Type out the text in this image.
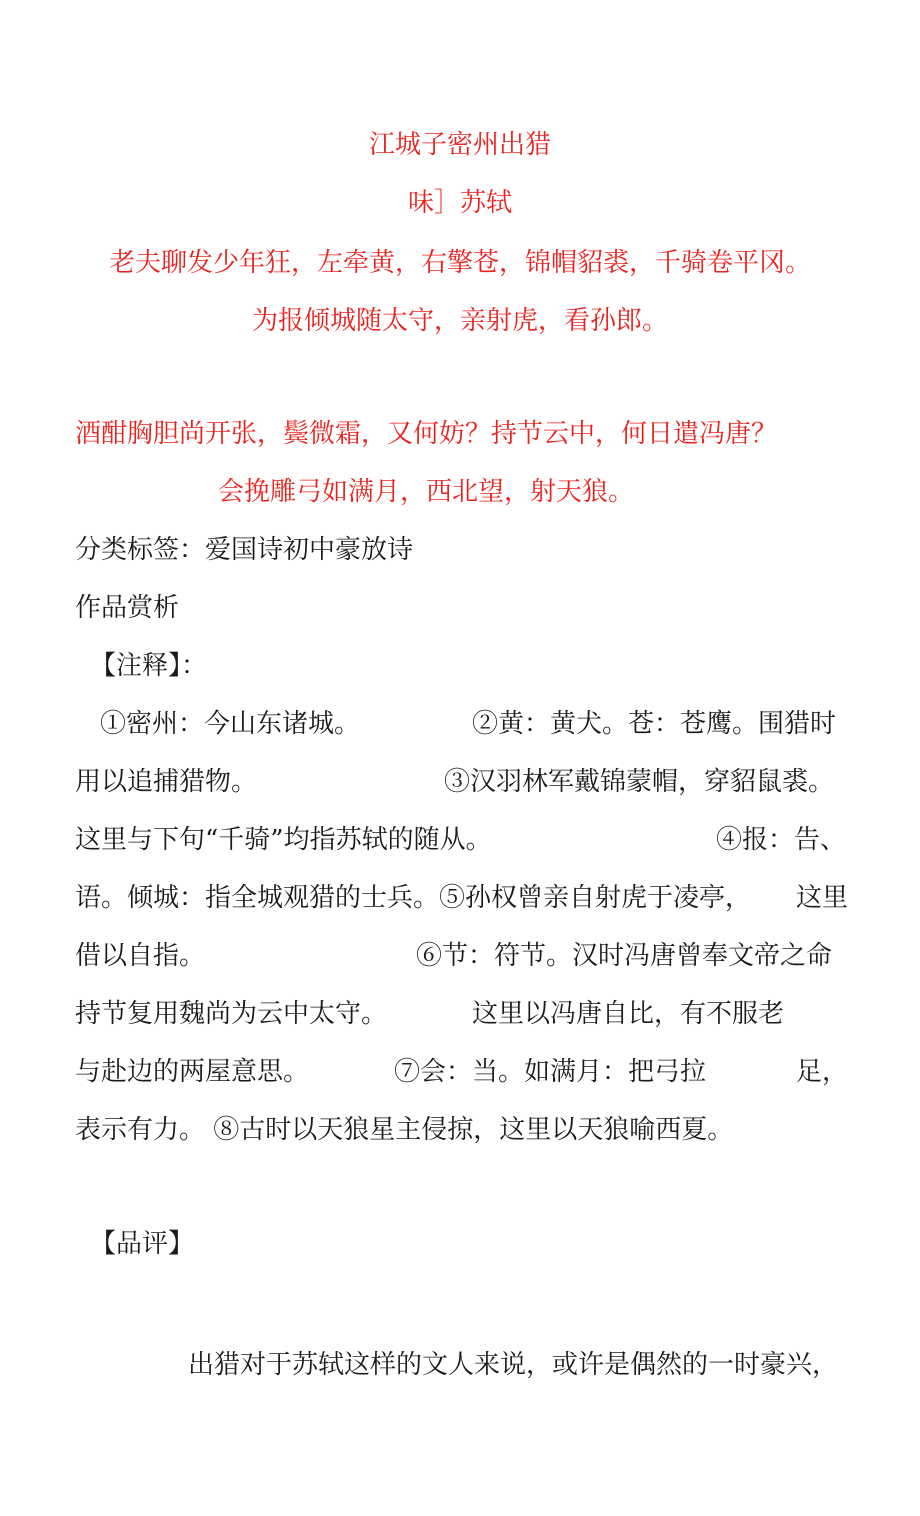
江城子密州出猎

味］苏轼

老夫聊发少年狂，左牵黄，右擎苍，锦帽貂裘，千骑卷平冈。

为报倾城随太守，亲射虎，看孙郎。

酒酣胸胆尚开张，鬓微霜，又何妨？持节云中，何日遣冯唐？

会挽雕弓如满月，西北望，射天狼。

分类标签：爱国诗初中豪放诗

作品赏析

【注释】：

①密州：今山东诸城。	②黄：黄犬。苍：苍鹰。围猎时

用以追捕猎物。	③汉羽林军戴锦蒙帽，穿貂鼠裘。

这里与下句“千骑”均指苏轼的随从。	④报：告、

语。倾城：指全城观猎的士兵。⑤孙权曾亲自射虎于凌亭， 这里

借以自指。	⑥节：符节。汉时冯唐曾奉文帝之命

持节复用魏尚为云中太守。	这里以冯唐自比，有不服老

与赴边的两屋意思。	⑦会：当。如满月：把弓拉	足，

表示有力。 ⑧古时以天狼星主侵掠，这里以天狼喻西夏。

【品评】

出猎对于苏轼这样的文人来说，或许是偶然的一时豪兴，
